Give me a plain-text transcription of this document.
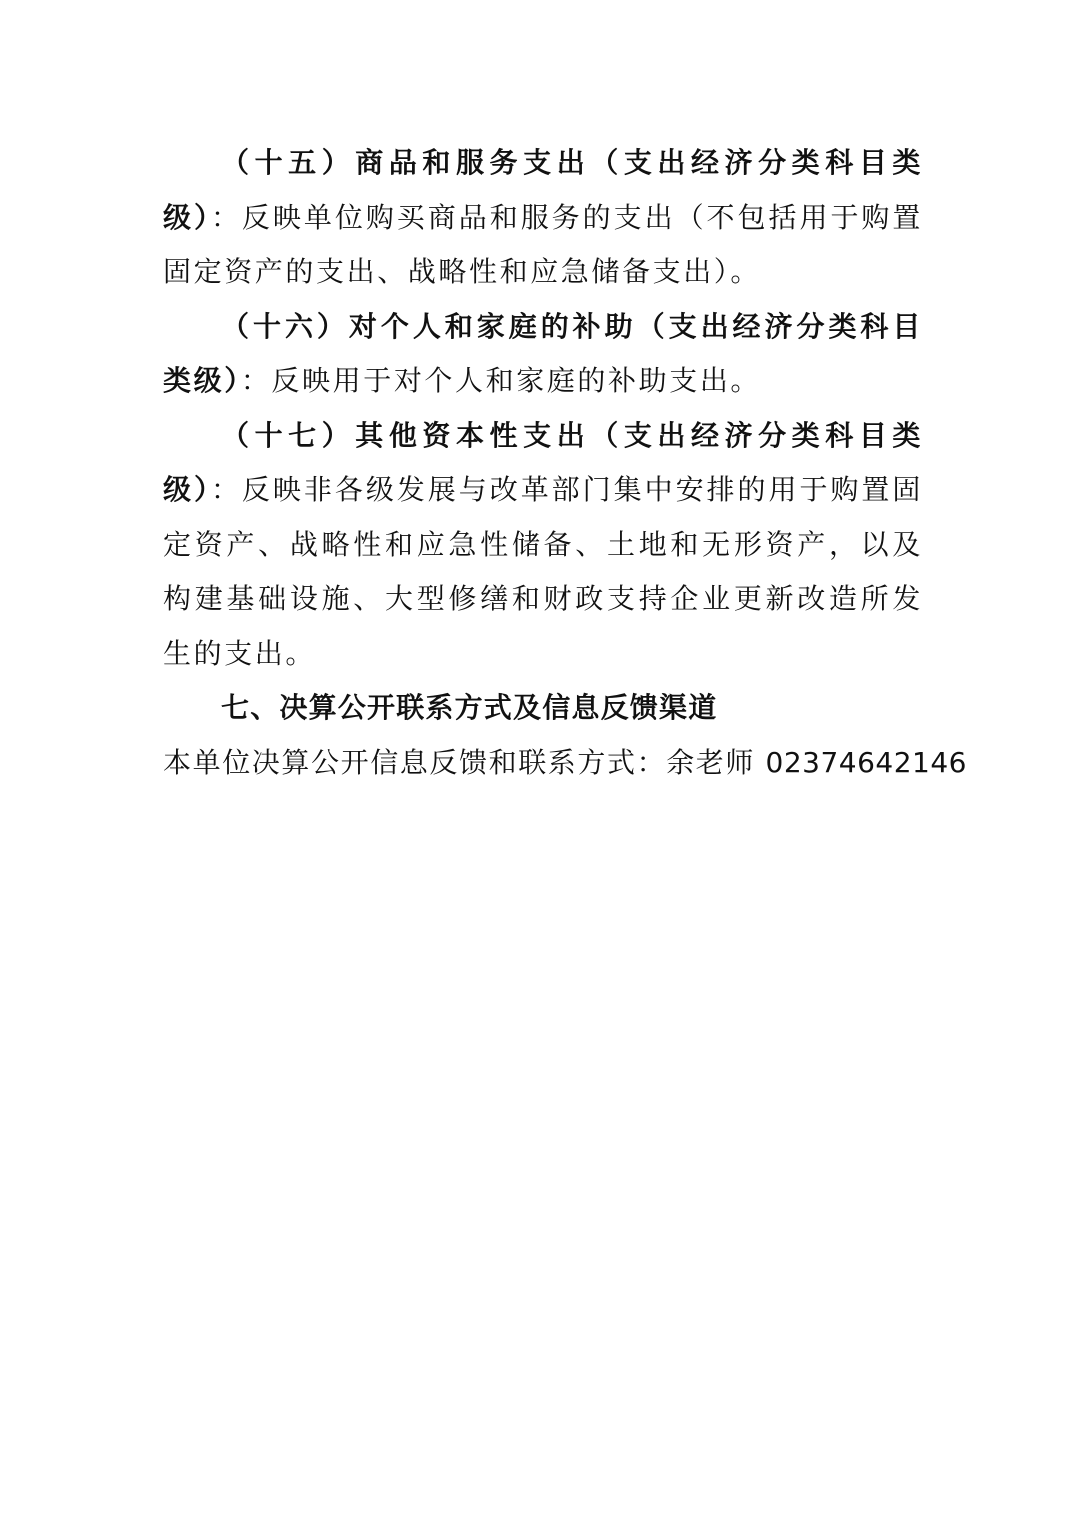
（十五）商品和服务支出（支出经济分类科目类级）：反映单位购买商品和服务的支出（不包括用于购置固定资产的支出、战略性和应急储备支出）。

（十六）对个人和家庭的补助（支出经济分类科目类级）：反映用于对个人和家庭的补助支出。

（十七）其他资本性支出（支出经济分类科目类级）：反映非各级发展与改革部门集中安排的用于购置固定资产、战略性和应急性储备、土地和无形资产，以及构建基础设施、大型修缮和财政支持企业更新改造所发生的支出。

七、决算公开联系方式及信息反馈渠道

本单位决算公开信息反馈和联系方式：余老师 02374642146
